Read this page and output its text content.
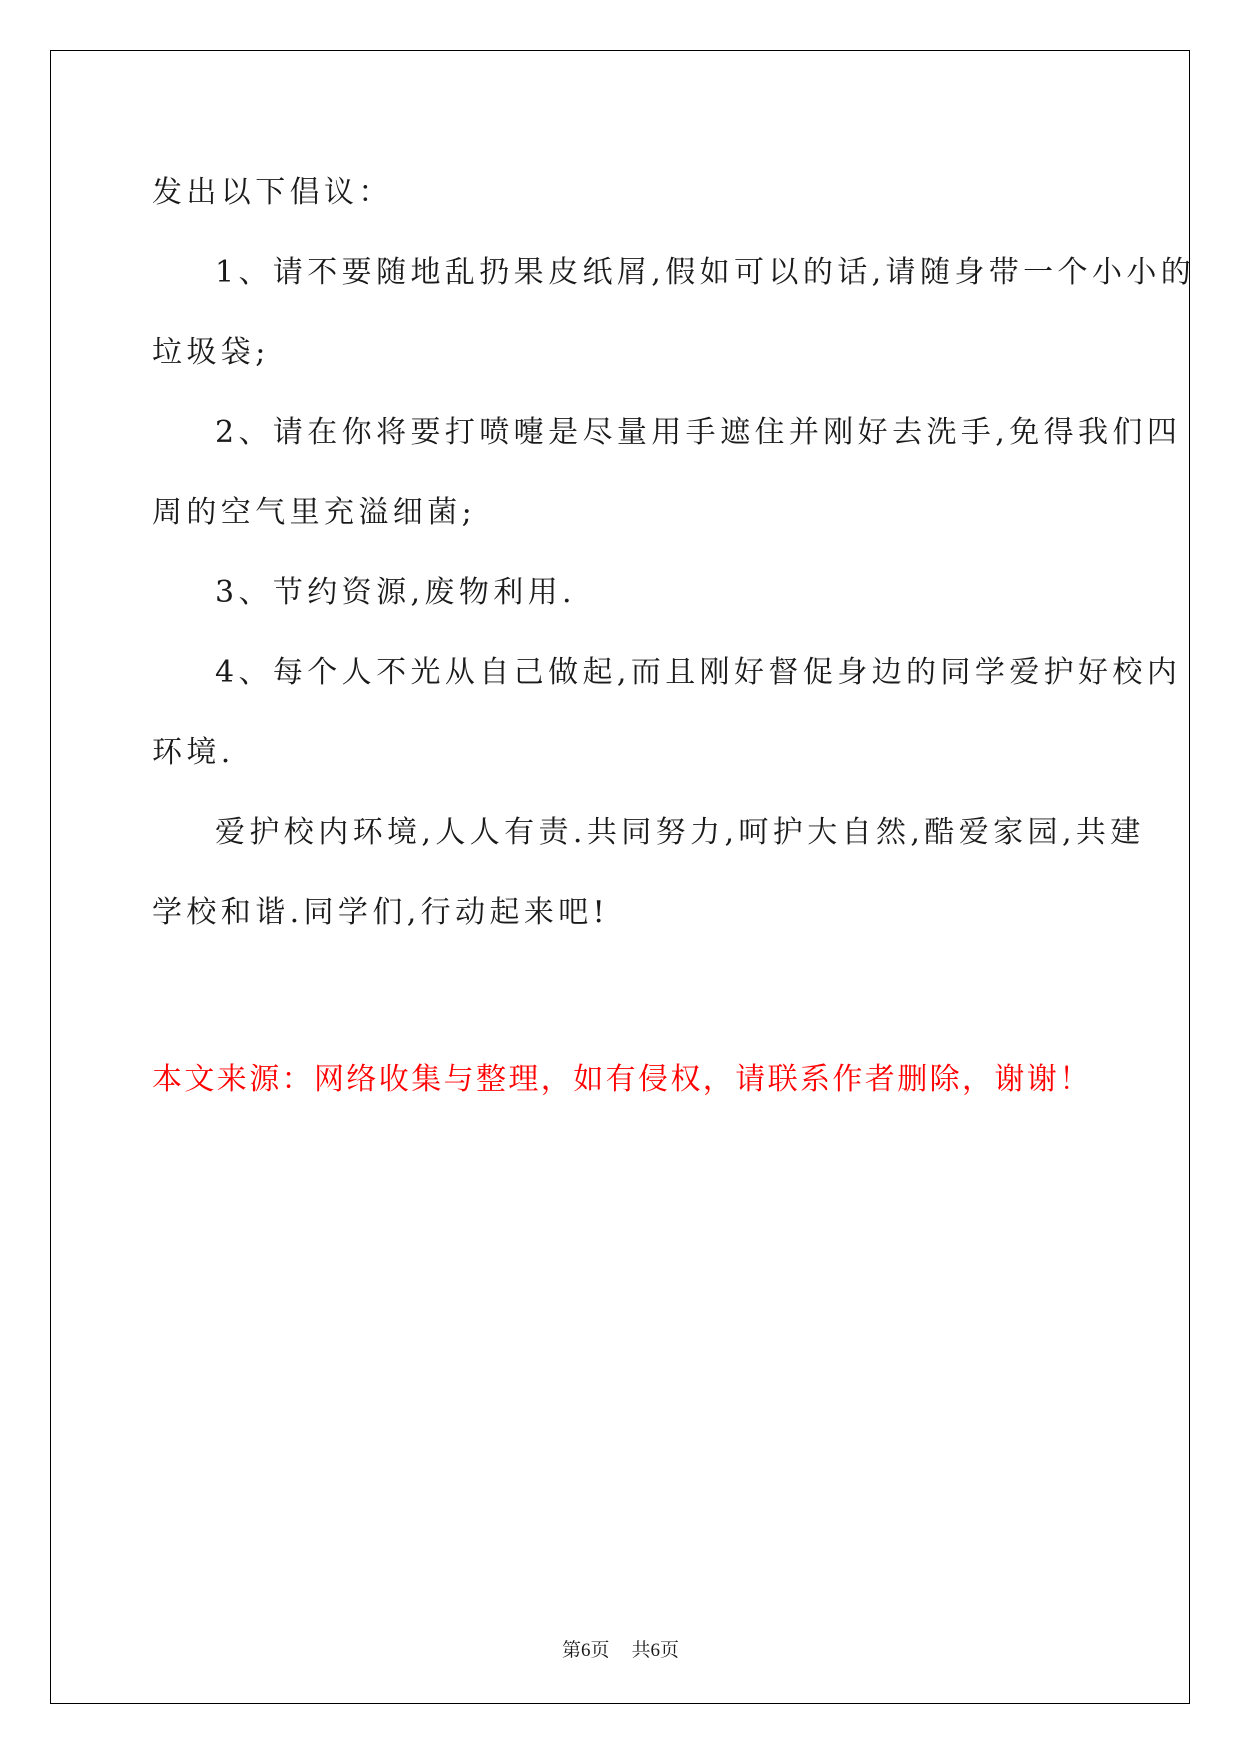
发出以下倡议：
1、请不要随地乱扔果皮纸屑,假如可以的话,请随身带一个小小的
垃圾袋;
2、请在你将要打喷嚏是尽量用手遮住并刚好去洗手,免得我们四
周的空气里充溢细菌;
3、节约资源,废物利用.
4、每个人不光从自己做起,而且刚好督促身边的同学爱护好校内
环境.
爱护校内环境,人人有责.共同努力,呵护大自然,酷爱家园,共建
学校和谐.同学们,行动起来吧!
本文来源：网络收集与整理，如有侵权，请联系作者删除，谢谢！
第6页 共6页
